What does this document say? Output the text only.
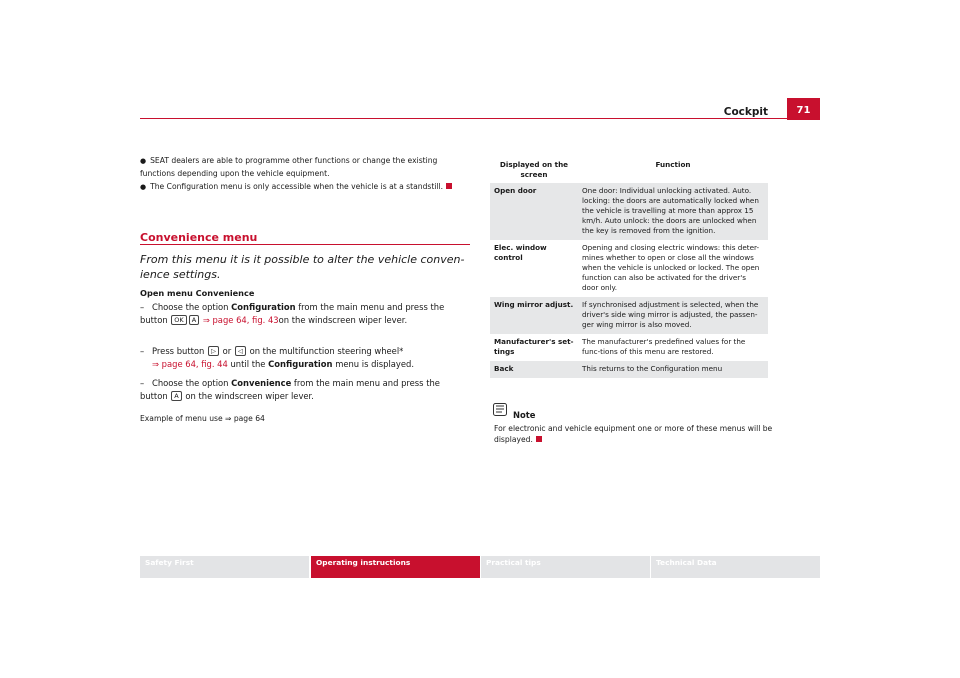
Cockpit	71
● SEAT dealers are able to programme other functions or change the existing functions depending upon the vehicle equipment.
● The Configuration menu is only accessible when the vehicle is at a standstill.
Convenience menu
From this menu it is it possible to alter the vehicle conven-ience settings.
Open menu Convenience
– Choose the option Configuration from the main menu and press the button OK A ⇒ page 64, fig. 43on the windscreen wiper lever.
– Press button ▷ or ◁ on the multifunction steering wheel*
⇒ page 64, fig. 44 until the Configuration menu is displayed.
– Choose the option Convenience from the main menu and press the button A on the windscreen wiper lever.
Example of menu use ⇒ page 64
Displayed on the screen	Function
Open door	One door: Individual unlocking activated. Auto. locking: the doors are automatically locked when the vehicle is travelling at more than approx 15 km/h. Auto unlock: the doors are unlocked when the key is removed from the ignition.
Elec. window control	Opening and closing electric windows: this deter-mines whether to open or close all the windows when the vehicle is unlocked or locked. The open function can also be activated for the driver's door only.
Wing mirror adjust.	If synchronised adjustment is selected, when the driver's side wing mirror is adjusted, the passen-ger wing mirror is also moved.
Manufacturer's set-tings	The manufacturer's predefined values for the func-tions of this menu are restored.
Back	This returns to the Configuration menu
Note
For electronic and vehicle equipment one or more of these menus will be displayed.
Safety First	Operating instructions	Practical tips	Technical Data
